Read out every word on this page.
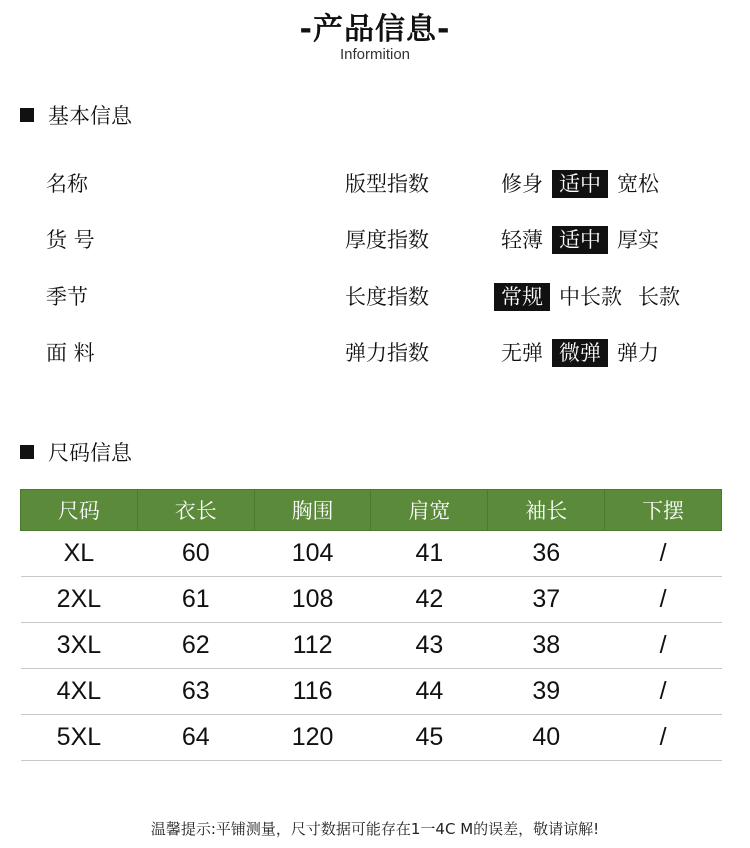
-产品信息-
Informition
基本信息
名称	版型指数	修身 适中 宽松
货 号	厚度指数	轻薄 适中 厚实
季节	长度指数	常规 中长款 长款
面 料	弹力指数	无弹 微弹 弹力
尺码信息
尺码	衣长	胸围	肩宽	袖长	下摆
XL	60	104	41	36	/
2XL	61	108	42	37	/
3XL	62	112	43	38	/
4XL	63	116	44	39	/
5XL	64	120	45	40	/
温馨提示:平铺测量，尺寸数据可能存在1一4C M的误差，敬请谅解!
